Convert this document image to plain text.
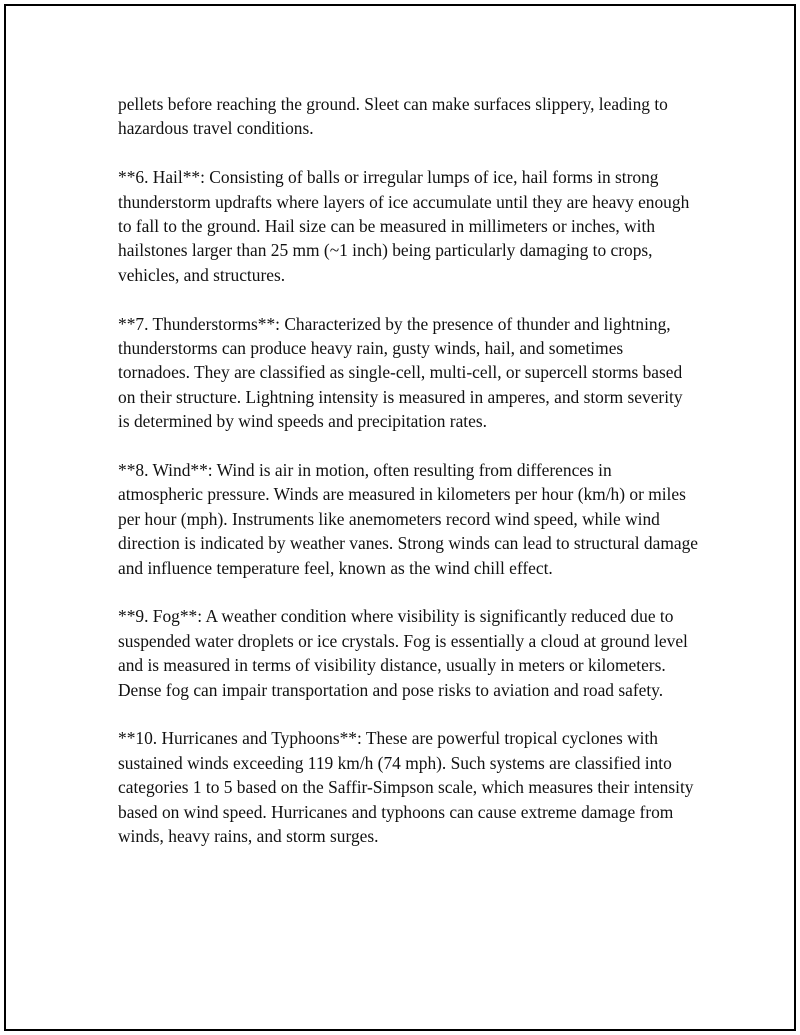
pellets before reaching the ground. Sleet can make surfaces slippery, leading to hazardous travel conditions.

**6. Hail**: Consisting of balls or irregular lumps of ice, hail forms in strong thunderstorm updrafts where layers of ice accumulate until they are heavy enough to fall to the ground. Hail size can be measured in millimeters or inches, with hailstones larger than 25 mm (~1 inch) being particularly damaging to crops, vehicles, and structures.

**7. Thunderstorms**: Characterized by the presence of thunder and lightning, thunderstorms can produce heavy rain, gusty winds, hail, and sometimes tornadoes. They are classified as single-cell, multi-cell, or supercell storms based on their structure. Lightning intensity is measured in amperes, and storm severity is determined by wind speeds and precipitation rates.

**8. Wind**: Wind is air in motion, often resulting from differences in atmospheric pressure. Winds are measured in kilometers per hour (km/h) or miles per hour (mph). Instruments like anemometers record wind speed, while wind direction is indicated by weather vanes. Strong winds can lead to structural damage and influence temperature feel, known as the wind chill effect.

**9. Fog**: A weather condition where visibility is significantly reduced due to suspended water droplets or ice crystals. Fog is essentially a cloud at ground level and is measured in terms of visibility distance, usually in meters or kilometers. Dense fog can impair transportation and pose risks to aviation and road safety.

**10. Hurricanes and Typhoons**: These are powerful tropical cyclones with sustained winds exceeding 119 km/h (74 mph). Such systems are classified into categories 1 to 5 based on the Saffir-Simpson scale, which measures their intensity based on wind speed. Hurricanes and typhoons can cause extreme damage from winds, heavy rains, and storm surges.
